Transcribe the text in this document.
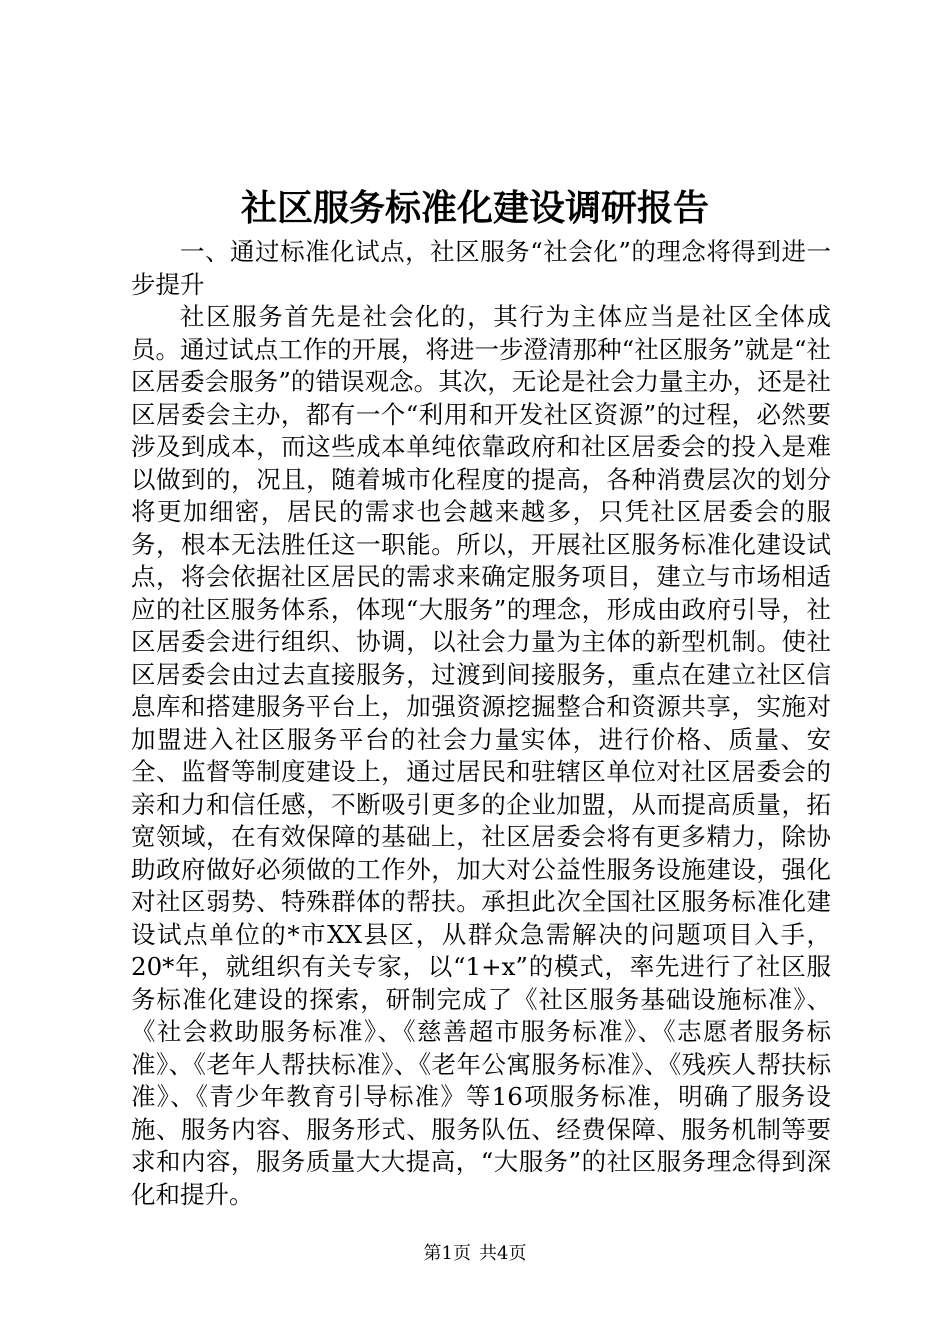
社区服务标准化建设调研报告

一、通过标准化试点，社区服务“社会化”的理念将得到进一步提升

社区服务首先是社会化的，其行为主体应当是社区全体成员。通过试点工作的开展，将进一步澄清那种“社区服务”就是“社区居委会服务”的错误观念。其次，无论是社会力量主办，还是社区居委会主办，都有一个“利用和开发社区资源”的过程，必然要涉及到成本，而这些成本单纯依靠政府和社区居委会的投入是难以做到的，况且，随着城市化程度的提高，各种消费层次的划分将更加细密，居民的需求也会越来越多，只凭社区居委会的服务，根本无法胜任这一职能。所以，开展社区服务标准化建设试点，将会依据社区居民的需求来确定服务项目，建立与市场相适应的社区服务体系，体现“大服务”的理念，形成由政府引导，社区居委会进行组织、协调，以社会力量为主体的新型机制。使社区居委会由过去直接服务，过渡到间接服务，重点在建立社区信息库和搭建服务平台上，加强资源挖掘整合和资源共享，实施对加盟进入社区服务平台的社会力量实体，进行价格、质量、安全、监督等制度建设上，通过居民和驻辖区单位对社区居委会的亲和力和信任感，不断吸引更多的企业加盟，从而提高质量，拓宽领域，在有效保障的基础上，社区居委会将有更多精力，除协助政府做好必须做的工作外，加大对公益性服务设施建设，强化对社区弱势、特殊群体的帮扶。承担此次全国社区服务标准化建设试点单位的*市XX县区，从群众急需解决的问题项目入手，20*年，就组织有关专家，以“1+x”的模式，率先进行了社区服务标准化建设的探索，研制完成了《社区服务基础设施标准》、《社会救助服务标准》、《慈善超市服务标准》、《志愿者服务标准》、《老年人帮扶标准》、《老年公寓服务标准》、《残疾人帮扶标准》、《青少年教育引导标准》等16项服务标准，明确了服务设施、服务内容、服务形式、服务队伍、经费保障、服务机制等要求和内容，服务质量大大提高，“大服务”的社区服务理念得到深化和提升。

第1页 共4页
